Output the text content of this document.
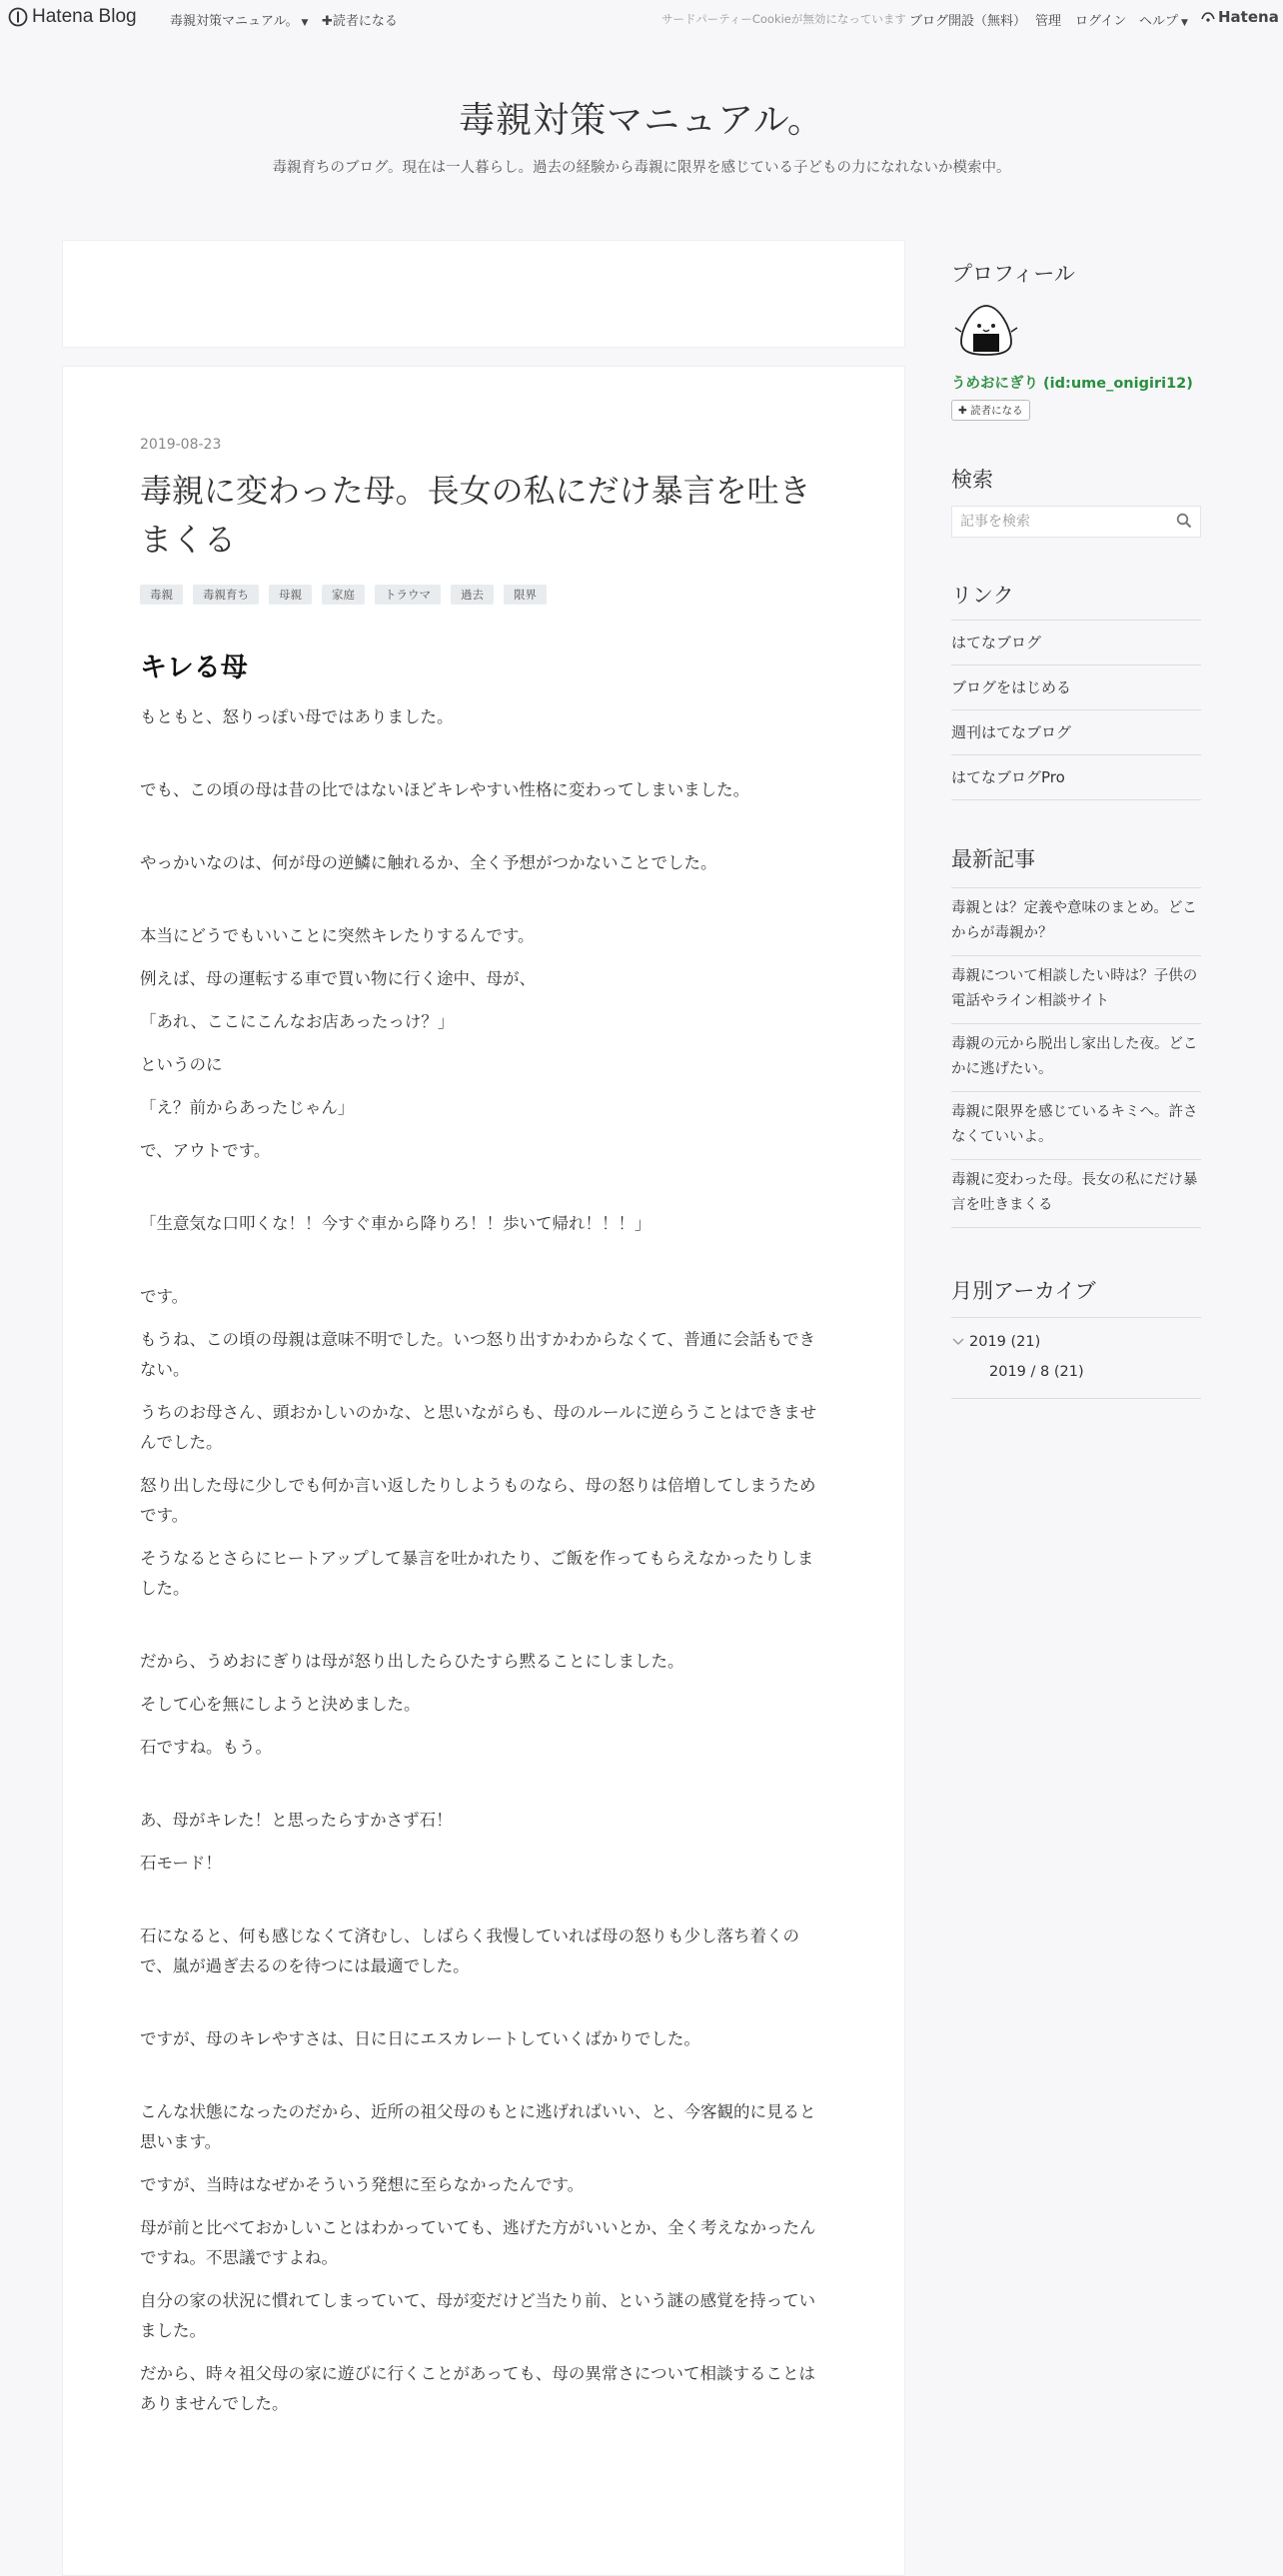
Hatena Blog	毒親対策マニュアル。 ▼ ✚読者になる	サードパーティーCookieが無効になっています ブログ開設（無料） 管理 ログイン ヘルプ ▼ Hatena
毒親対策マニュアル。
毒親育ちのブログ。現在は一人暮らし。過去の経験から毒親に限界を感じている子どもの力になれないか模索中。
2019-08-23
毒親に変わった母。長女の私にだけ暴言を吐きまくる
毒親	毒親育ち	母親	家庭	トラウマ	過去	限界
キレる母

もともと、怒りっぽい母ではありました。

でも、この頃の母は昔の比ではないほどキレやすい性格に変わってしまいました。

やっかいなのは、何が母の逆鱗に触れるか、全く予想がつかないことでした。

本当にどうでもいいことに突然キレたりするんです。

例えば、母の運転する車で買い物に行く途中、母が、

「あれ、ここにこんなお店あったっけ？」

というのに

「え？前からあったじゃん」

で、アウトです。

「生意気な口叩くな！！今すぐ車から降りろ！！歩いて帰れ！！！」

です。

もうね、この頃の母親は意味不明でした。いつ怒り出すかわからなくて、普通に会話もできない。

うちのお母さん、頭おかしいのかな、と思いながらも、母のルールに逆らうことはできませんでした。

怒り出した母に少しでも何か言い返したりしようものなら、母の怒りは倍増してしまうためです。

そうなるとさらにヒートアップして暴言を吐かれたり、ご飯を作ってもらえなかったりしました。

だから、うめおにぎりは母が怒り出したらひたすら黙ることにしました。

そして心を無にしようと決めました。

石ですね。もう。

あ、母がキレた！と思ったらすかさず石！

石モード！

石になると、何も感じなくて済むし、しばらく我慢していれば母の怒りも少し落ち着くので、嵐が過ぎ去るのを待つには最適でした。

ですが、母のキレやすさは、日に日にエスカレートしていくばかりでした。

こんな状態になったのだから、近所の祖父母のもとに逃げればいい、と、今客観的に見ると思います。

ですが、当時はなぜかそういう発想に至らなかったんです。

母が前と比べておかしいことはわかっていても、逃げた方がいいとか、全く考えなかったんですね。不思議ですよね。

自分の家の状況に慣れてしまっていて、母が変だけど当たり前、という謎の感覚を持っていました。

だから、時々祖父母の家に遊びに行くことがあっても、母の異常さについて相談することはありませんでした。

プロフィール
うめおにぎり (id:ume_onigiri12)
✚ 読者になる
検索
記事を検索
リンク
はてなブログ
ブログをはじめる
週刊はてなブログ
はてなブログPro
最新記事
毒親とは？定義や意味のまとめ。どこからが毒親か？
毒親について相談したい時は？子供の電話やライン相談サイト
毒親の元から脱出し家出した夜。どこかに逃げたい。
毒親に限界を感じているキミへ。許さなくていいよ。
毒親に変わった母。長女の私にだけ暴言を吐きまくる
月別アーカイブ
2019 (21)
2019 / 8 (21)
